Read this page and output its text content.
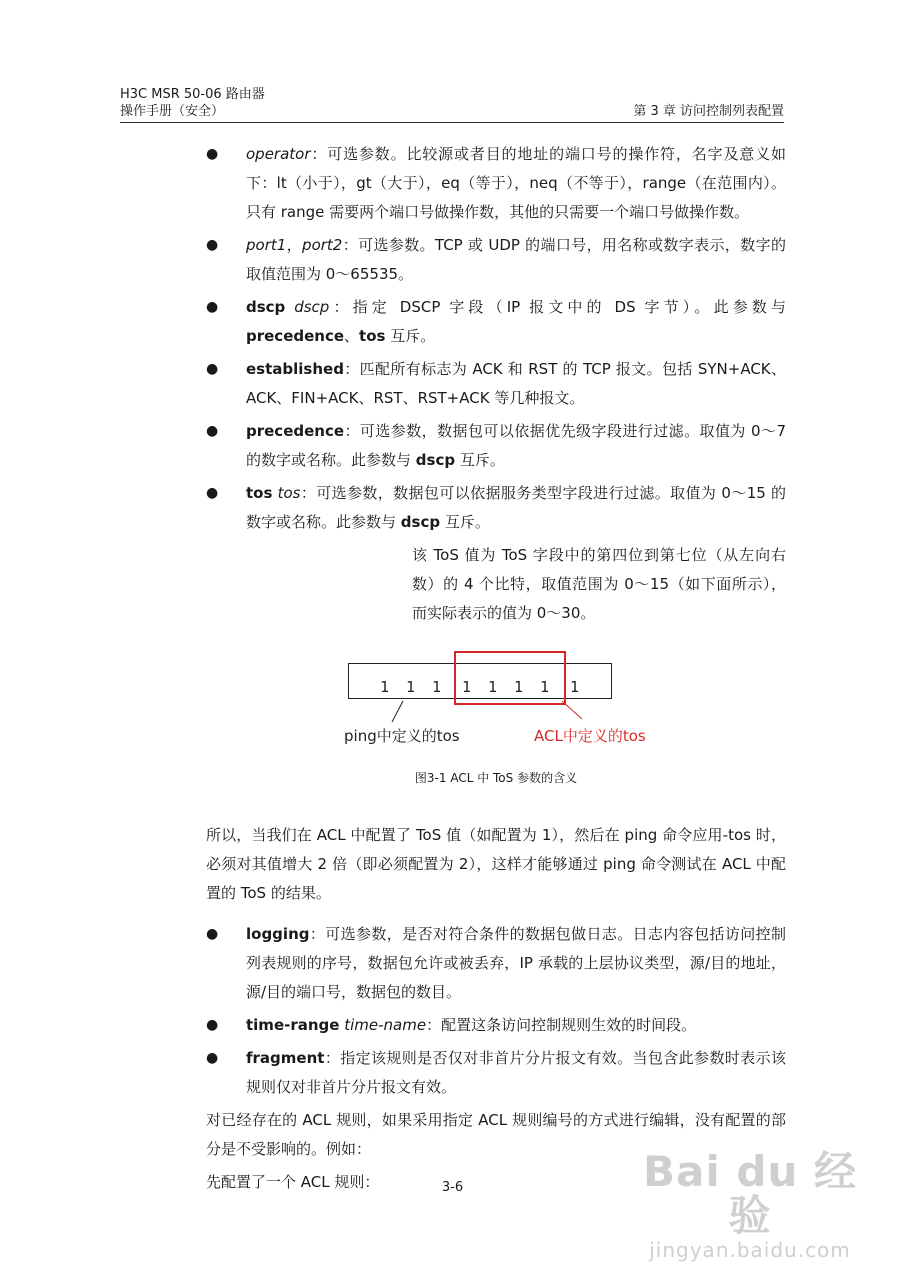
H3C MSR 50-06 路由器
操作手册（安全）	第 3 章 访问控制列表配置
● operator：可选参数。比较源或者目的地址的端口号的操作符，名字及意义如下：lt（小于），gt（大于），eq（等于），neq（不等于），range（在范围内）。只有 range 需要两个端口号做操作数，其他的只需要一个端口号做操作数。
● port1，port2：可选参数。TCP 或 UDP 的端口号，用名称或数字表示，数字的取值范围为 0～65535。
● dscp dscp：指定 DSCP 字段（IP 报文中的 DS 字节）。此参数与 precedence、tos 互斥。
● established：匹配所有标志为 ACK 和 RST 的 TCP 报文。包括 SYN+ACK、ACK、FIN+ACK、RST、RST+ACK 等几种报文。
● precedence：可选参数，数据包可以依据优先级字段进行过滤。取值为 0～7 的数字或名称。此参数与 dscp 互斥。
● tos tos：可选参数，数据包可以依据服务类型字段进行过滤。取值为 0～15 的数字或名称。此参数与 dscp 互斥。
该 ToS 值为 ToS 字段中的第四位到第七位（从左向右数）的 4 个比特，取值范围为 0～15（如下面所示），而实际表示的值为 0～30。
1 1 1 1 1 1 1 1
ping中定义的tos	ACL中定义的tos
图3-1 ACL 中 ToS 参数的含义
所以，当我们在 ACL 中配置了 ToS 值（如配置为 1），然后在 ping 命令应用-tos 时，必须对其值增大 2 倍（即必须配置为 2），这样才能够通过 ping 命令测试在 ACL 中配置的 ToS 的结果。
● logging：可选参数，是否对符合条件的数据包做日志。日志内容包括访问控制列表规则的序号，数据包允许或被丢弃，IP 承载的上层协议类型，源/目的地址，源/目的端口号，数据包的数目。
● time-range time-name：配置这条访问控制规则生效的时间段。
● fragment：指定该规则是否仅对非首片分片报文有效。当包含此参数时表示该规则仅对非首片分片报文有效。
对已经存在的 ACL 规则，如果采用指定 ACL 规则编号的方式进行编辑，没有配置的部分是不受影响的。例如：
先配置了一个 ACL 规则：	3-6	Bai du 经验
jingyan.baidu.com
